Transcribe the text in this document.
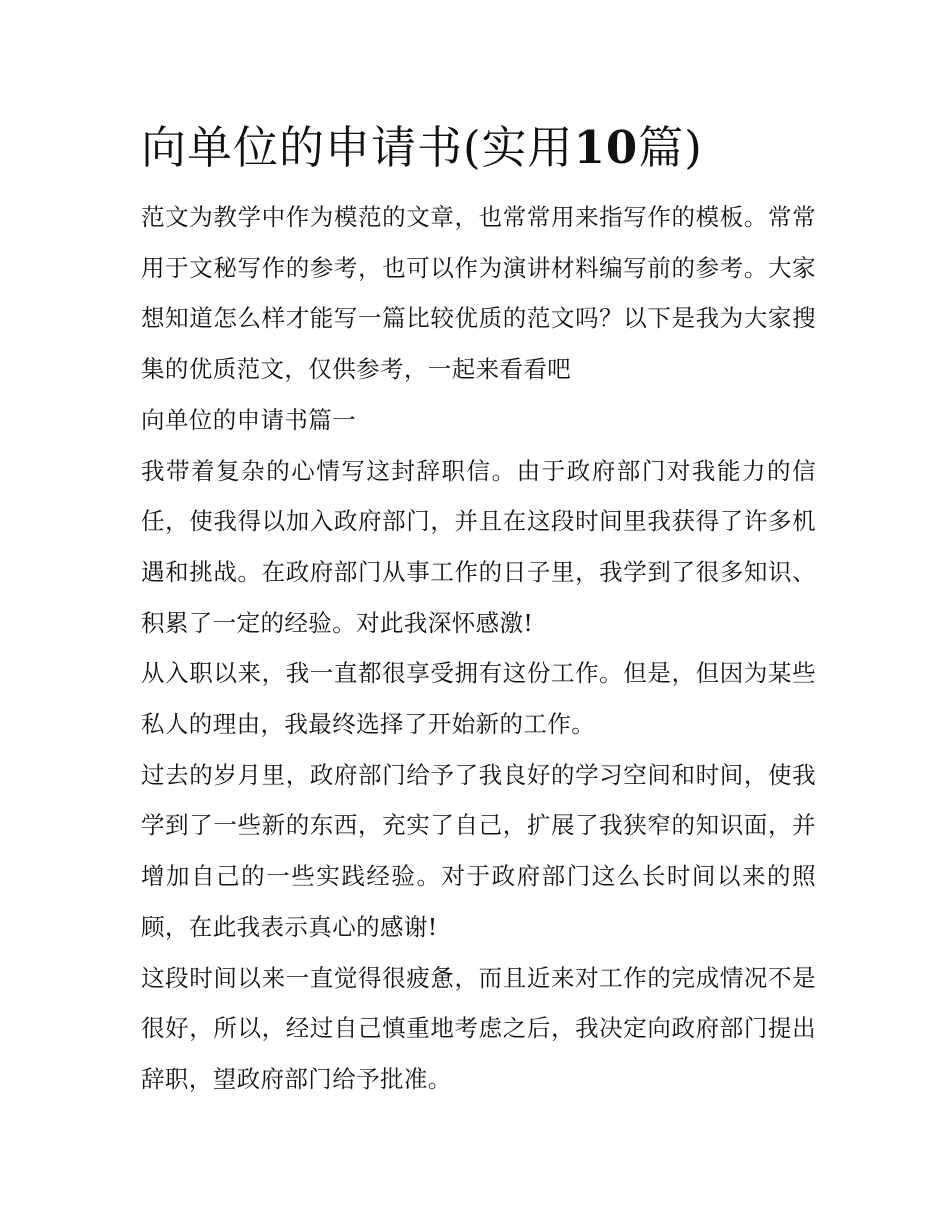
向单位的申请书(实用10篇)

范文为教学中作为模范的文章，也常常用来指写作的模板。常常用于文秘写作的参考，也可以作为演讲材料编写前的参考。大家想知道怎么样才能写一篇比较优质的范文吗？以下是我为大家搜集的优质范文，仅供参考，一起来看看吧

向单位的申请书篇一

我带着复杂的心情写这封辞职信。由于政府部门对我能力的信任，使我得以加入政府部门，并且在这段时间里我获得了许多机遇和挑战。在政府部门从事工作的日子里，我学到了很多知识、积累了一定的经验。对此我深怀感激!

从入职以来，我一直都很享受拥有这份工作。但是，但因为某些私人的理由，我最终选择了开始新的工作。

过去的岁月里，政府部门给予了我良好的学习空间和时间，使我学到了一些新的东西，充实了自己，扩展了我狭窄的知识面，并增加自己的一些实践经验。对于政府部门这么长时间以来的照顾，在此我表示真心的感谢!

这段时间以来一直觉得很疲惫，而且近来对工作的完成情况不是很好，所以，经过自己慎重地考虑之后，我决定向政府部门提出辞职，望政府部门给予批准。
